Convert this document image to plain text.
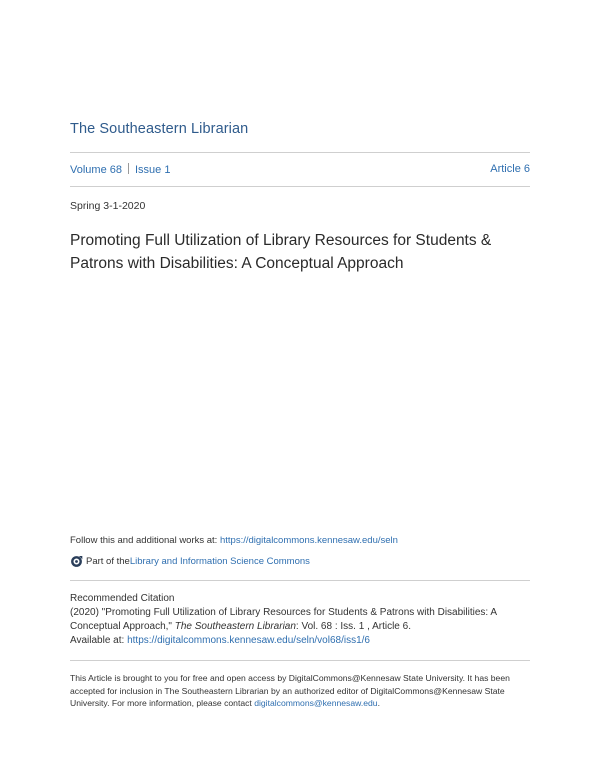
The Southeastern Librarian
Volume 68 Issue 1	Article 6
Spring 3-1-2020
Promoting Full Utilization of Library Resources for Students & Patrons with Disabilities: A Conceptual Approach
Follow this and additional works at: https://digitalcommons.kennesaw.edu/seln
Part of the Library and Information Science Commons
Recommended Citation
(2020) "Promoting Full Utilization of Library Resources for Students & Patrons with Disabilities: A Conceptual Approach," The Southeastern Librarian: Vol. 68 : Iss. 1 , Article 6.
Available at: https://digitalcommons.kennesaw.edu/seln/vol68/iss1/6
This Article is brought to you for free and open access by DigitalCommons@Kennesaw State University. It has been accepted for inclusion in The Southeastern Librarian by an authorized editor of DigitalCommons@Kennesaw State University. For more information, please contact digitalcommons@kennesaw.edu.
